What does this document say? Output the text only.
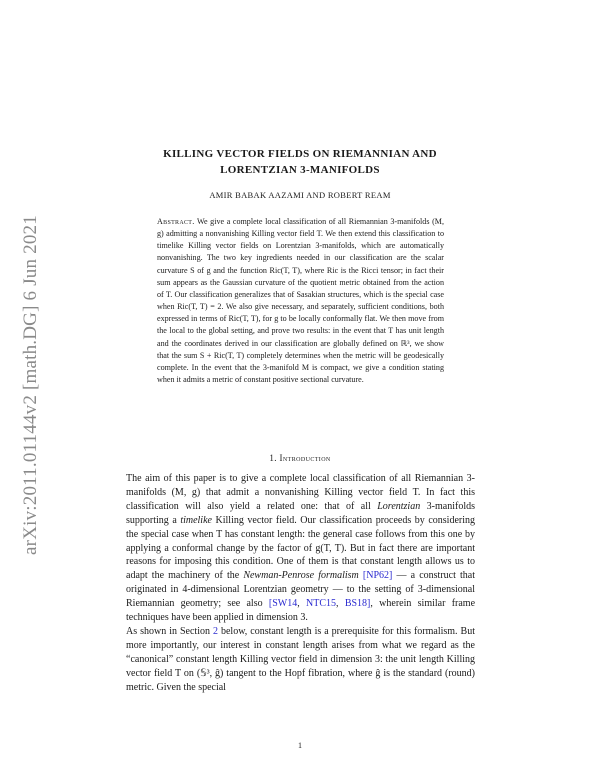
arXiv:2011.01144v2 [math.DG] 6 Jun 2021
KILLING VECTOR FIELDS ON RIEMANNIAN AND
LORENTZIAN 3-MANIFOLDS
AMIR BABAK AAZAMI AND ROBERT REAM
Abstract. We give a complete local classification of all Riemannian 3-manifolds (M, g) admitting a nonvanishing Killing vector field T. We then extend this classification to timelike Killing vector fields on Lorentzian 3-manifolds, which are automatically nonvanishing. The two key ingredients needed in our classification are the scalar curvature S of g and the function Ric(T, T), where Ric is the Ricci tensor; in fact their sum appears as the Gaussian curvature of the quotient metric obtained from the action of T. Our classification generalizes that of Sasakian structures, which is the special case when Ric(T, T) = 2. We also give necessary, and separately, sufficient conditions, both expressed in terms of Ric(T, T), for g to be locally conformally flat. We then move from the local to the global setting, and prove two results: in the event that T has unit length and the coordinates derived in our classification are globally defined on ℝ³, we show that the sum S + Ric(T, T) completely determines when the metric will be geodesically complete. In the event that the 3-manifold M is compact, we give a condition stating when it admits a metric of constant positive sectional curvature.
1. Introduction

The aim of this paper is to give a complete local classification of all Riemannian 3-manifolds (M, g) that admit a nonvanishing Killing vector field T. In fact this classification will also yield a related one: that of all Lorentzian 3-manifolds supporting a timelike Killing vector field. Our classification proceeds by considering the special case when T has constant length: the general case follows from this one by applying a conformal change by the factor of g(T, T). But in fact there are important reasons for imposing this condition. One of them is that constant length allows us to adapt the machinery of the Newman-Penrose formalism [NP62] — a construct that originated in 4-dimensional Lorentzian geometry — to the setting of 3-dimensional Riemannian geometry; see also [SW14, NTC15, BS18], wherein similar frame techniques have been applied in dimension 3.

As shown in Section 2 below, constant length is a prerequisite for this formalism. But more importantly, our interest in constant length arises from what we regard as the “canonical” constant length Killing vector field in dimension 3: the unit length Killing vector field T on (𝕊³, ĝ) tangent to the Hopf fibration, where ĝ is the standard (round) metric. Given the special

1
